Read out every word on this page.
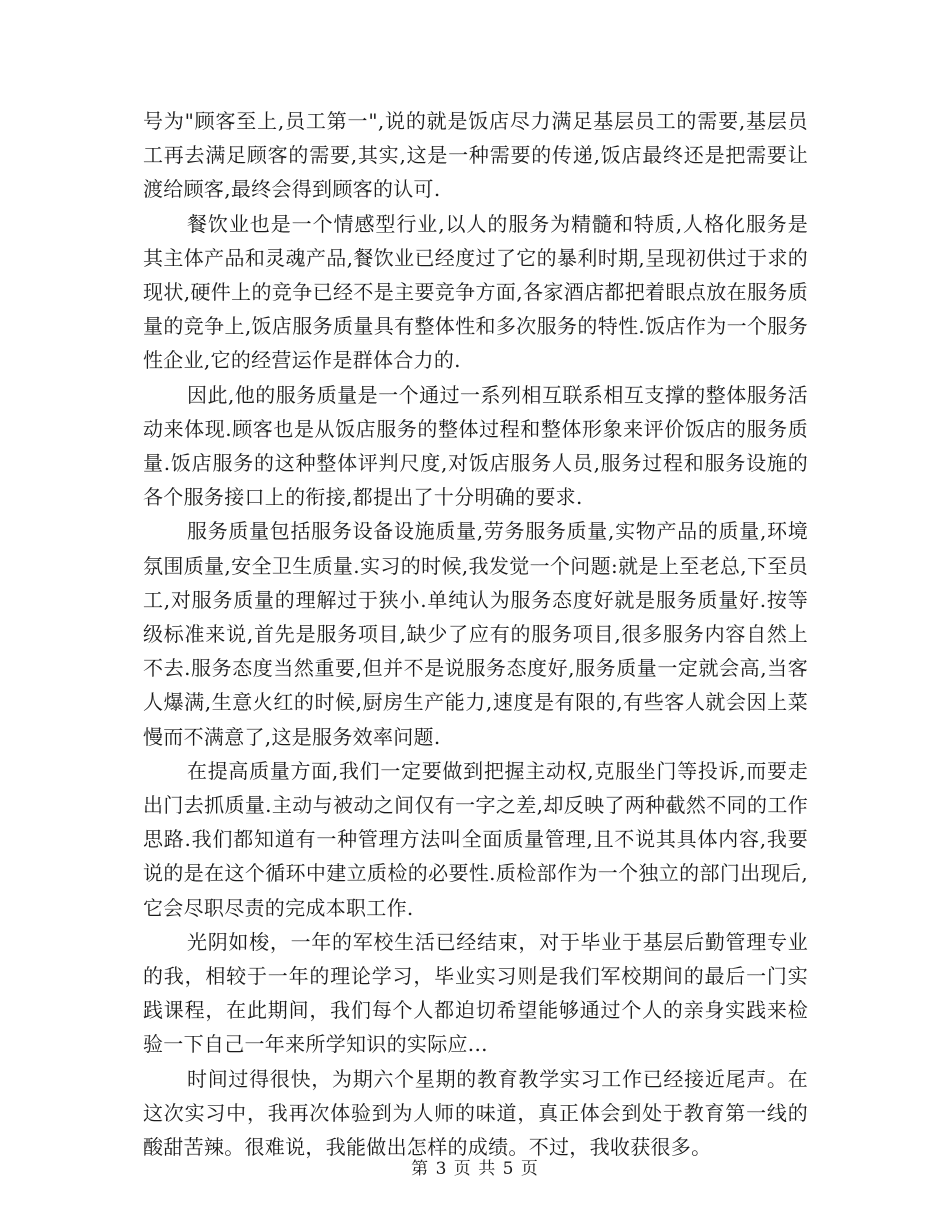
号为"顾客至上,员工第一",说的就是饭店尽力满足基层员工的需要,基层员工再去满足顾客的需要,其实,这是一种需要的传递,饭店最终还是把需要让渡给顾客,最终会得到顾客的认可.

餐饮业也是一个情感型行业,以人的服务为精髓和特质,人格化服务是其主体产品和灵魂产品,餐饮业已经度过了它的暴利时期,呈现初供过于求的现状,硬件上的竞争已经不是主要竞争方面,各家酒店都把着眼点放在服务质量的竞争上,饭店服务质量具有整体性和多次服务的特性.饭店作为一个服务性企业,它的经营运作是群体合力的.

因此,他的服务质量是一个通过一系列相互联系相互支撑的整体服务活动来体现.顾客也是从饭店服务的整体过程和整体形象来评价饭店的服务质量.饭店服务的这种整体评判尺度,对饭店服务人员,服务过程和服务设施的各个服务接口上的衔接,都提出了十分明确的要求.

服务质量包括服务设备设施质量,劳务服务质量,实物产品的质量,环境氛围质量,安全卫生质量.实习的时候,我发觉一个问题:就是上至老总,下至员工,对服务质量的理解过于狭小.单纯认为服务态度好就是服务质量好.按等级标准来说,首先是服务项目,缺少了应有的服务项目,很多服务内容自然上不去.服务态度当然重要,但并不是说服务态度好,服务质量一定就会高,当客人爆满,生意火红的时候,厨房生产能力,速度是有限的,有些客人就会因上菜慢而不满意了,这是服务效率问题.

在提高质量方面,我们一定要做到把握主动权,克服坐门等投诉,而要走出门去抓质量.主动与被动之间仅有一字之差,却反映了两种截然不同的工作思路.我们都知道有一种管理方法叫全面质量管理,且不说其具体内容,我要说的是在这个循环中建立质检的必要性.质检部作为一个独立的部门出现后,它会尽职尽责的完成本职工作.

光阴如梭，一年的军校生活已经结束，对于毕业于基层后勤管理专业的我，相较于一年的理论学习，毕业实习则是我们军校期间的最后一门实践课程，在此期间，我们每个人都迫切希望能够通过个人的亲身实践来检验一下自己一年来所学知识的实际应...

时间过得很快，为期六个星期的教育教学实习工作已经接近尾声。在这次实习中，我再次体验到为人师的味道，真正体会到处于教育第一线的酸甜苦辣。很难说，我能做出怎样的成绩。不过，我收获很多。

第 3 页 共 5 页
